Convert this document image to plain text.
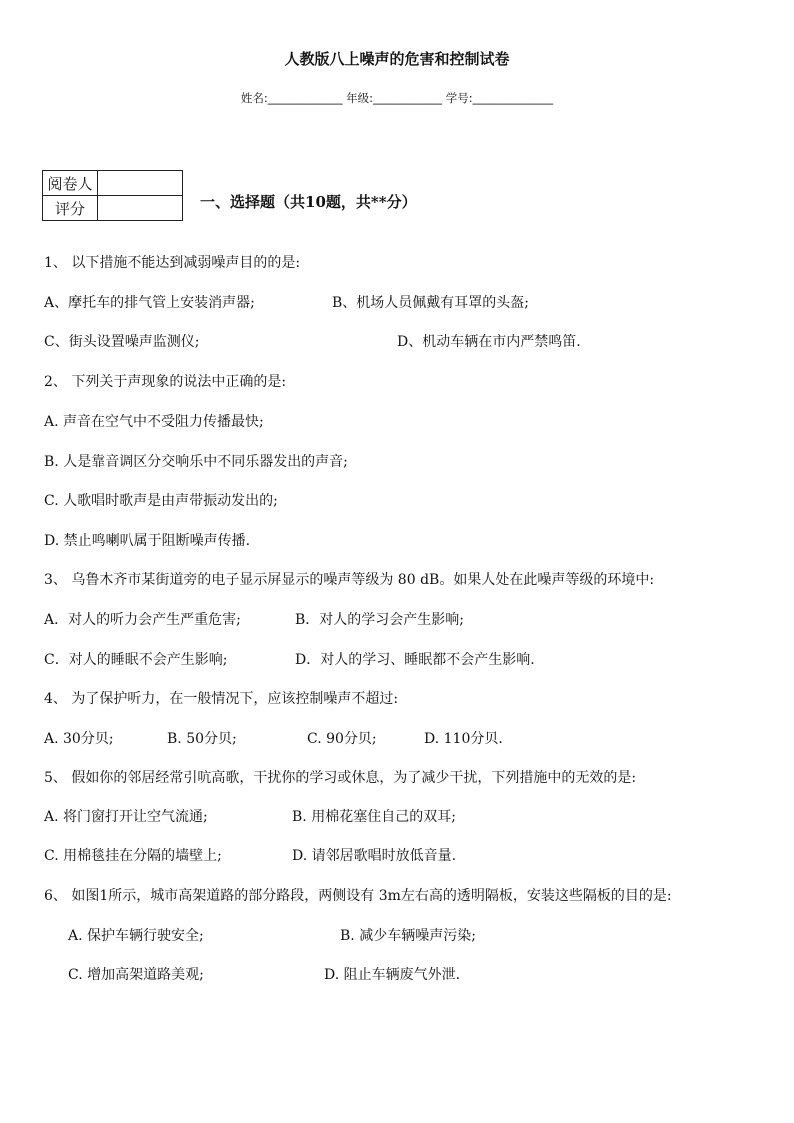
人教版八上噪声的危害和控制试卷
姓名:_____________ 年级:____________ 学号:______________
阅卷人	
评分		一、选择题（共10题，共**分）
1、 以下措施不能达到减弱噪声目的的是:
A、摩托车的排气管上安装消声器;	B、机场人员佩戴有耳罩的头盔;
C、街头设置噪声监测仪;	D、机动车辆在市内严禁鸣笛.
2、 下列关于声现象的说法中正确的是:
A. 声音在空气中不受阻力传播最快;
B. 人是靠音调区分交响乐中不同乐器发出的声音;
C. 人歌唱时歌声是由声带振动发出的;
D. 禁止鸣喇叭属于阻断噪声传播.
3、 乌鲁木齐市某街道旁的电子显示屏显示的噪声等级为 80 dB。如果人处在此噪声等级的环境中:
A．对人的听力会产生严重危害;	B．对人的学习会产生影响;
C．对人的睡眠不会产生影响;	D．对人的学习、睡眠都不会产生影响.
4、 为了保护听力，在一般情况下，应该控制噪声不超过:
A. 30分贝;	B. 50分贝;	C. 90分贝;	D. 110分贝.
5、 假如你的邻居经常引吭高歌，干扰你的学习或休息，为了减少干扰，下列措施中的无效的是:
A. 将门窗打开让空气流通;	B. 用棉花塞住自己的双耳;
C. 用棉毯挂在分隔的墙壁上;	D. 请邻居歌唱时放低音量.
6、 如图1所示，城市高架道路的部分路段，两侧设有 3m左右高的透明隔板，安装这些隔板的目的是:
A. 保护车辆行驶安全;	B. 减少车辆噪声污染;
C. 增加高架道路美观;	D. 阻止车辆废气外泄.
